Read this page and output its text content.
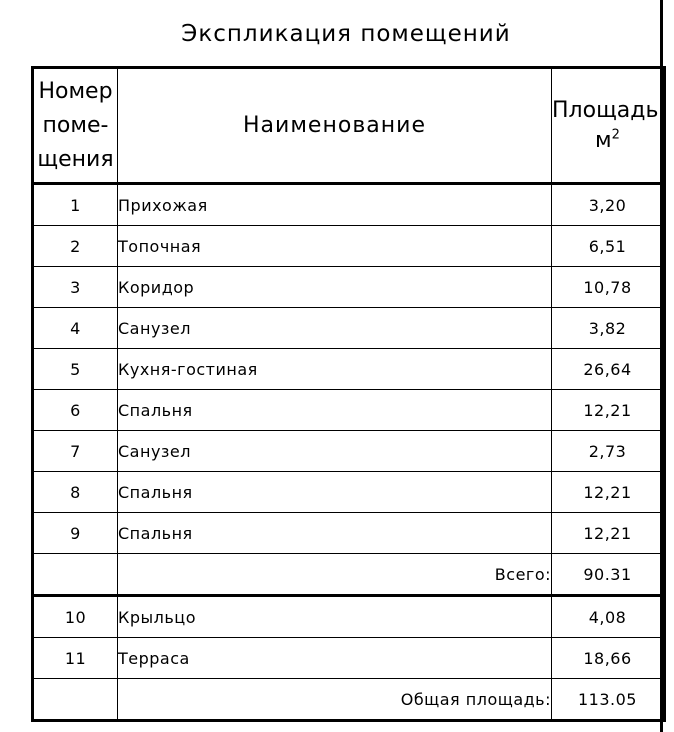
Экспликация помещений
Номер
поме-
щения	Наименование	Площадь,
$м^2$
1	Прихожая	3,20
2	Топочная	6,51
3	Коридор	10,78
4	Санузел	3,82
5	Кухня-гостиная	26,64
6	Спальня	12,21
7	Санузел	2,73
8	Спальня	12,21
9	Спальня	12,21
	Всего:	90.31
10	Крыльцо	4,08
11	Терраса	18,66
	Общая площадь:	113.05
